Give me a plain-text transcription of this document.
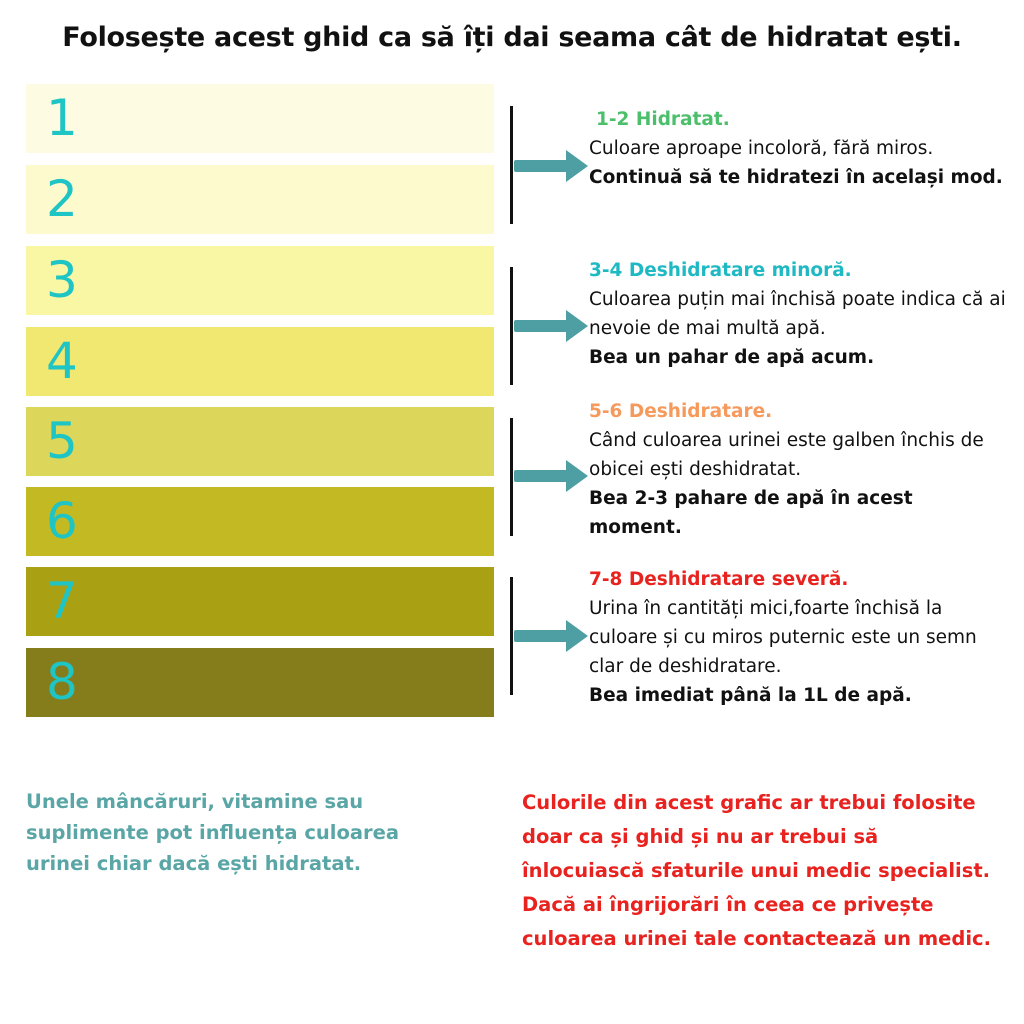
Folosește acest ghid ca să îți dai seama cât de hidratat ești.
1
2
3
4
5
6
7
8
1-2 Hidratat.
Culoare aproape incoloră, fără miros.
Continuă să te hidratezi în același mod.
3-4 Deshidratare minoră.
Culoarea puțin mai închisă poate indica că ai nevoie de mai multă apă.
Bea un pahar de apă acum.
5-6 Deshidratare.
Când culoarea urinei este galben închis de obicei ești deshidratat.
Bea 2-3 pahare de apă în acest moment.
7-8 Deshidratare severă.
Urina în cantități mici,foarte închisă la culoare și cu miros puternic este un semn clar de deshidratare.
Bea imediat până la 1L de apă.
Unele mâncăruri, vitamine sau suplimente pot influența culoarea urinei chiar dacă ești hidratat.
Culorile din acest grafic ar trebui folosite doar ca și ghid și nu ar trebui să înlocuiască sfaturile unui medic specialist. Dacă ai îngrijorări în ceea ce privește culoarea urinei tale contactează un medic.
